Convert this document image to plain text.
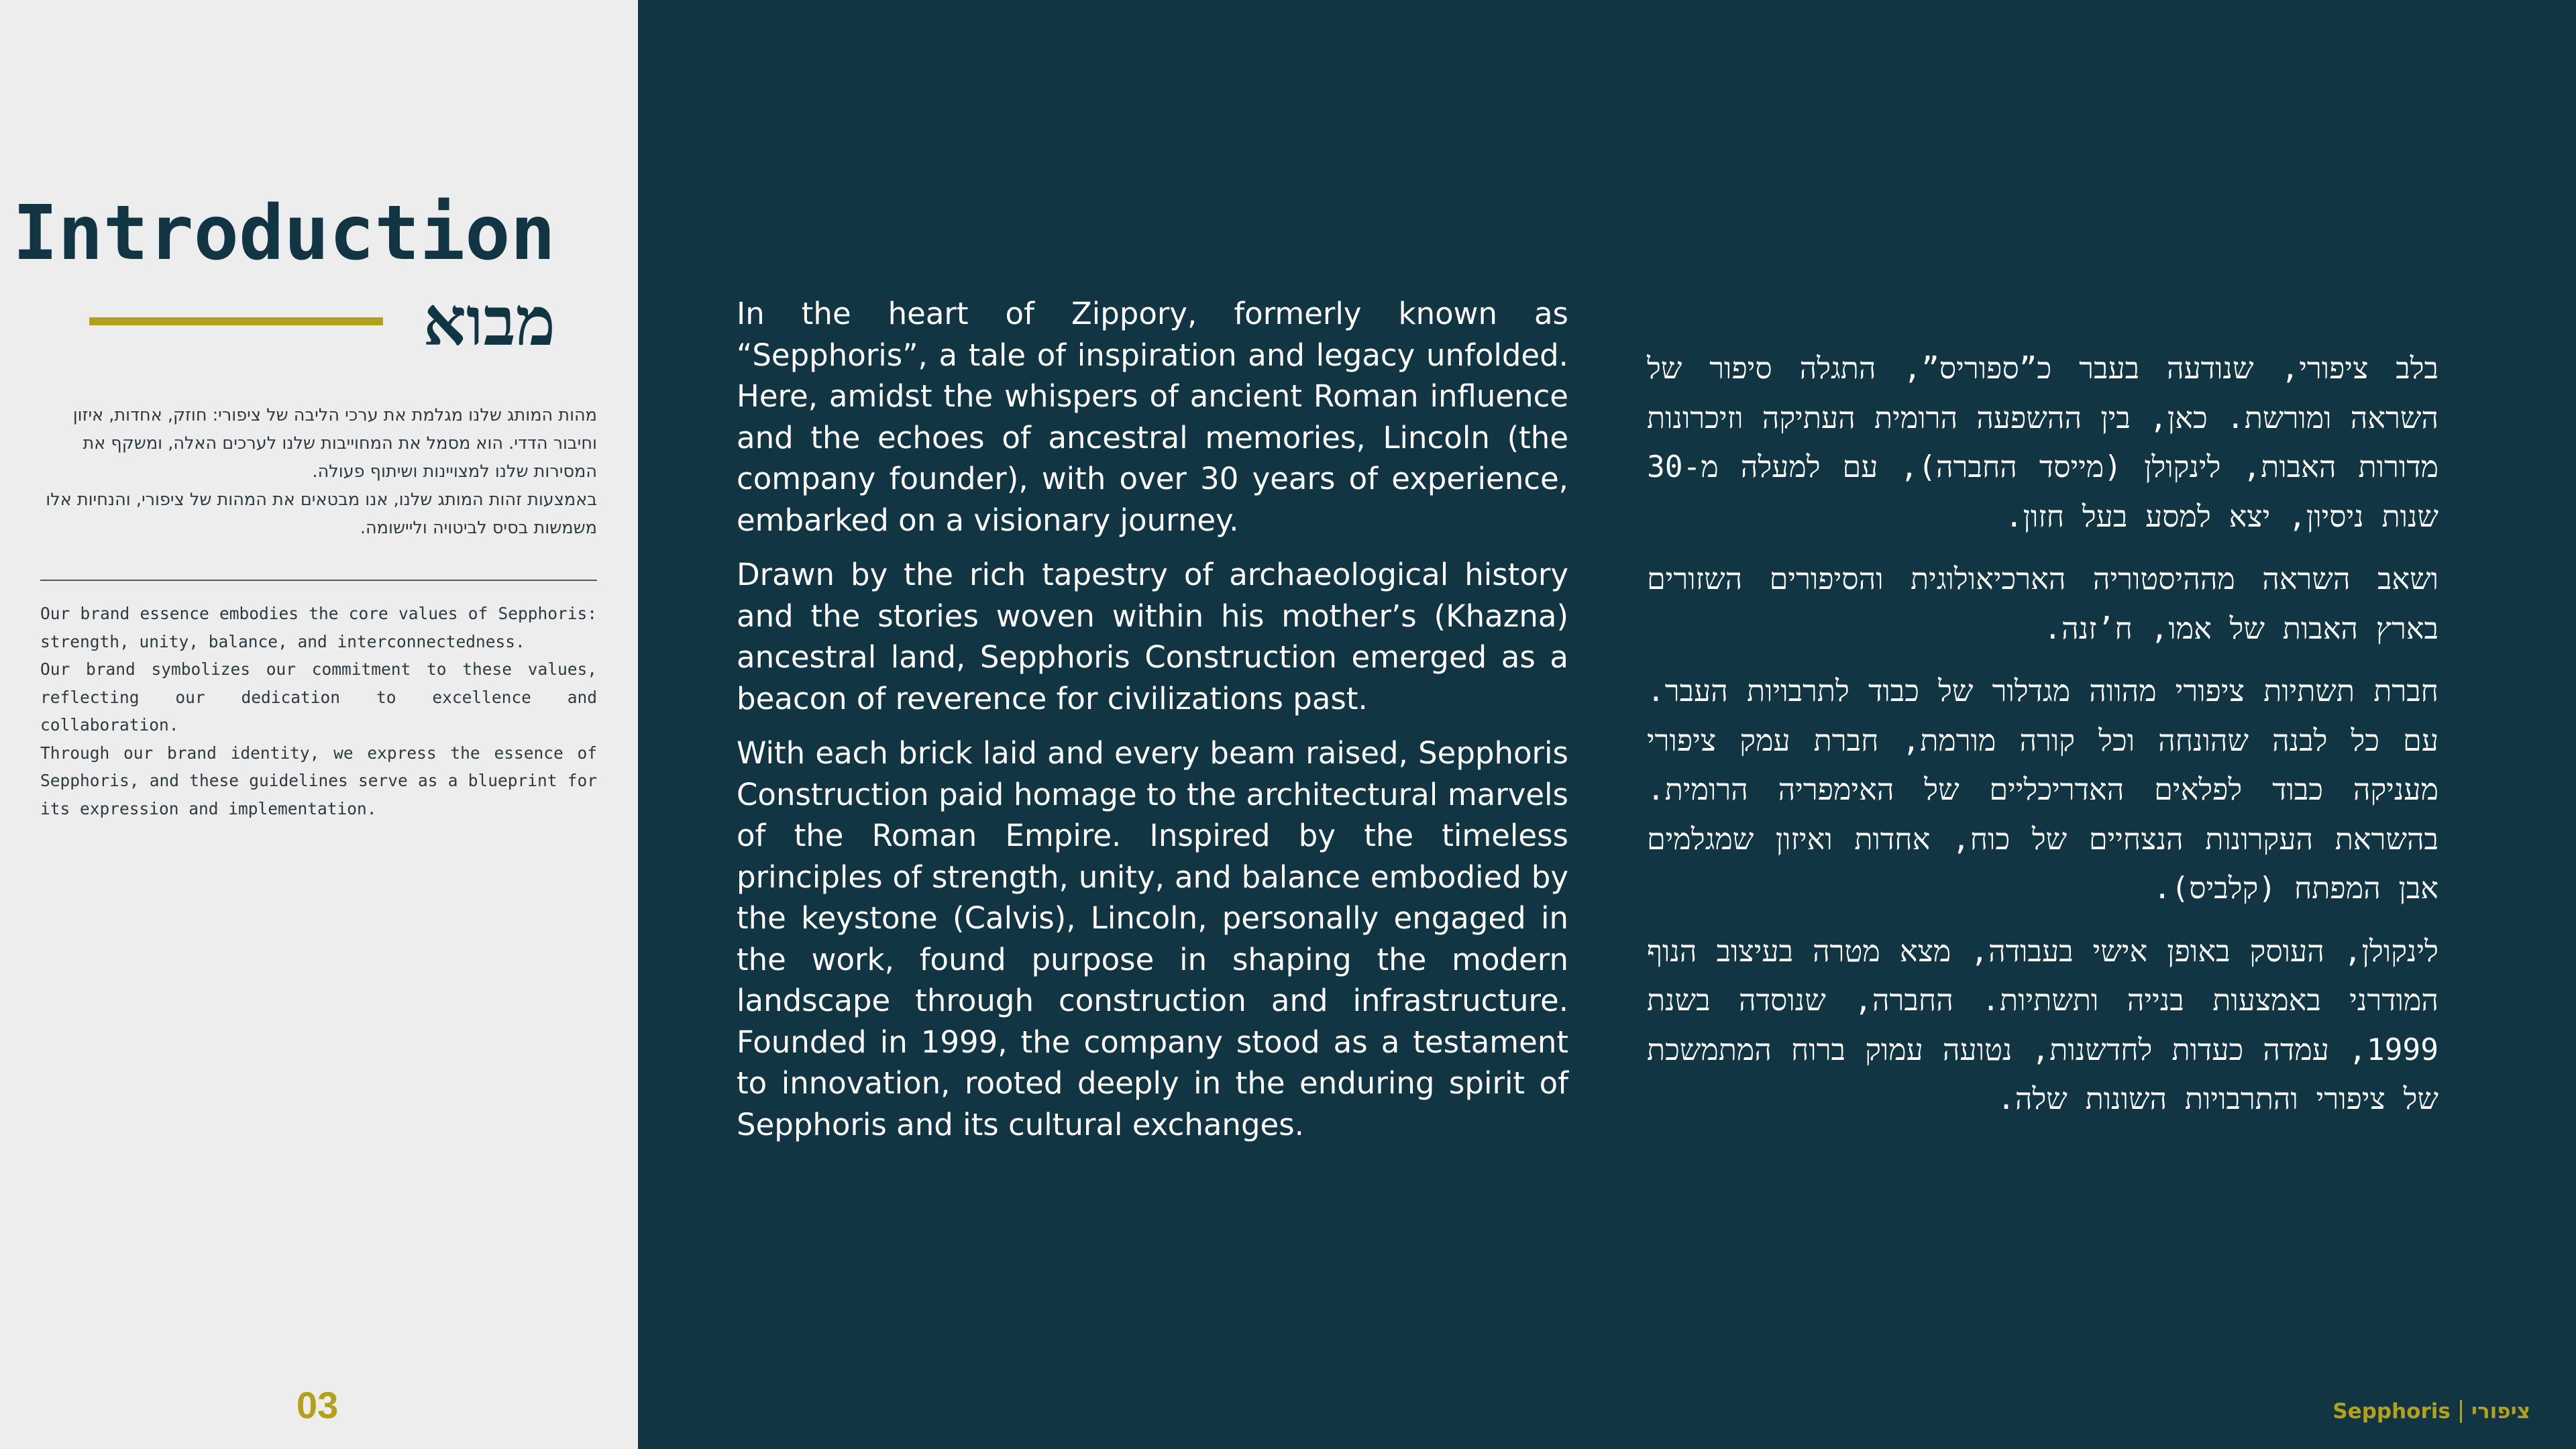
Introduction
מבוא

מהות המותג שלנו מגלמת את ערכי הליבה של ציפורי: חוזק, אחדות, איזון וחיבור הדדי. הוא מסמל את המחוייבות שלנו לערכים האלה, ומשקף את המסירות שלנו למצויינות ושיתוף פעולה.

באמצעות זהות המותג שלנו, אנו מבטאים את המהות של ציפורי, והנחיות אלו משמשות בסיס לביטויה וליישומה.

Our brand essence embodies the core values of Sepphoris: strength, unity, balance, and interconnectedness.

Our brand symbolizes our commitment to these values, reflecting our dedication to excellence and collaboration.

Through our brand identity, we express the essence of Sepphoris, and these guidelines serve as a blueprint for its expression and implementation.

03

In the heart of Zippory, formerly known as “Sepphoris”, a tale of inspiration and legacy unfolded. Here, amidst the whispers of ancient Roman influence and the echoes of ancestral memories, Lincoln (the company founder), with over 30 years of experience, embarked on a visionary journey.

Drawn by the rich tapestry of archaeological history and the stories woven within his mother’s (Khazna) ancestral land, Sepphoris Construction emerged as a beacon of reverence for civilizations past.

With each brick laid and every beam raised, Sepphoris Construction paid homage to the architectural marvels of the Roman Empire. Inspired by the timeless principles of strength, unity, and balance embodied by the keystone (Calvis), Lincoln, personally engaged in the work, found purpose in shaping the modern landscape through construction and infrastructure. Founded in 1999, the company stood as a testament to innovation, rooted deeply in the enduring spirit of Sepphoris and its cultural exchanges.

בלב ציפורי, שנודעה בעבר כ”ספוריס”, התגלה סיפור של השראה ומורשת. כאן, בין ההשפעה הרומית העתיקה וזיכרונות מדורות האבות, לינקולן (מייסד החברה), עם למעלה מ-30 שנות ניסיון, יצא למסע בעל חזון.

ושאב השראה מההיסטוריה הארכיאולוגית והסיפורים השזורים בארץ האבות של אמו, ח’זנה.

חברת תשתיות ציפורי מהווה מגדלור של כבוד לתרבויות העבר. עם כל לבנה שהונחה וכל קורה מורמת, חברת עמק ציפורי מעניקה כבוד לפלאים האדריכליים של האימפריה הרומית. בהשראת העקרונות הנצחיים של כוח, אחדות ואיזון שמגלמים אבן המפתח (קלביס).

לינקולן, העוסק באופן אישי בעבודה, מצא מטרה בעיצוב הנוף המודרני באמצעות בנייה ותשתיות. החברה, שנוסדה בשנת 1999, עמדה כעדות לחדשנות, נטועה עמוק ברוח המתמשכת של ציפורי והתרבויות השונות שלה.

Sepphoris ציפורי
